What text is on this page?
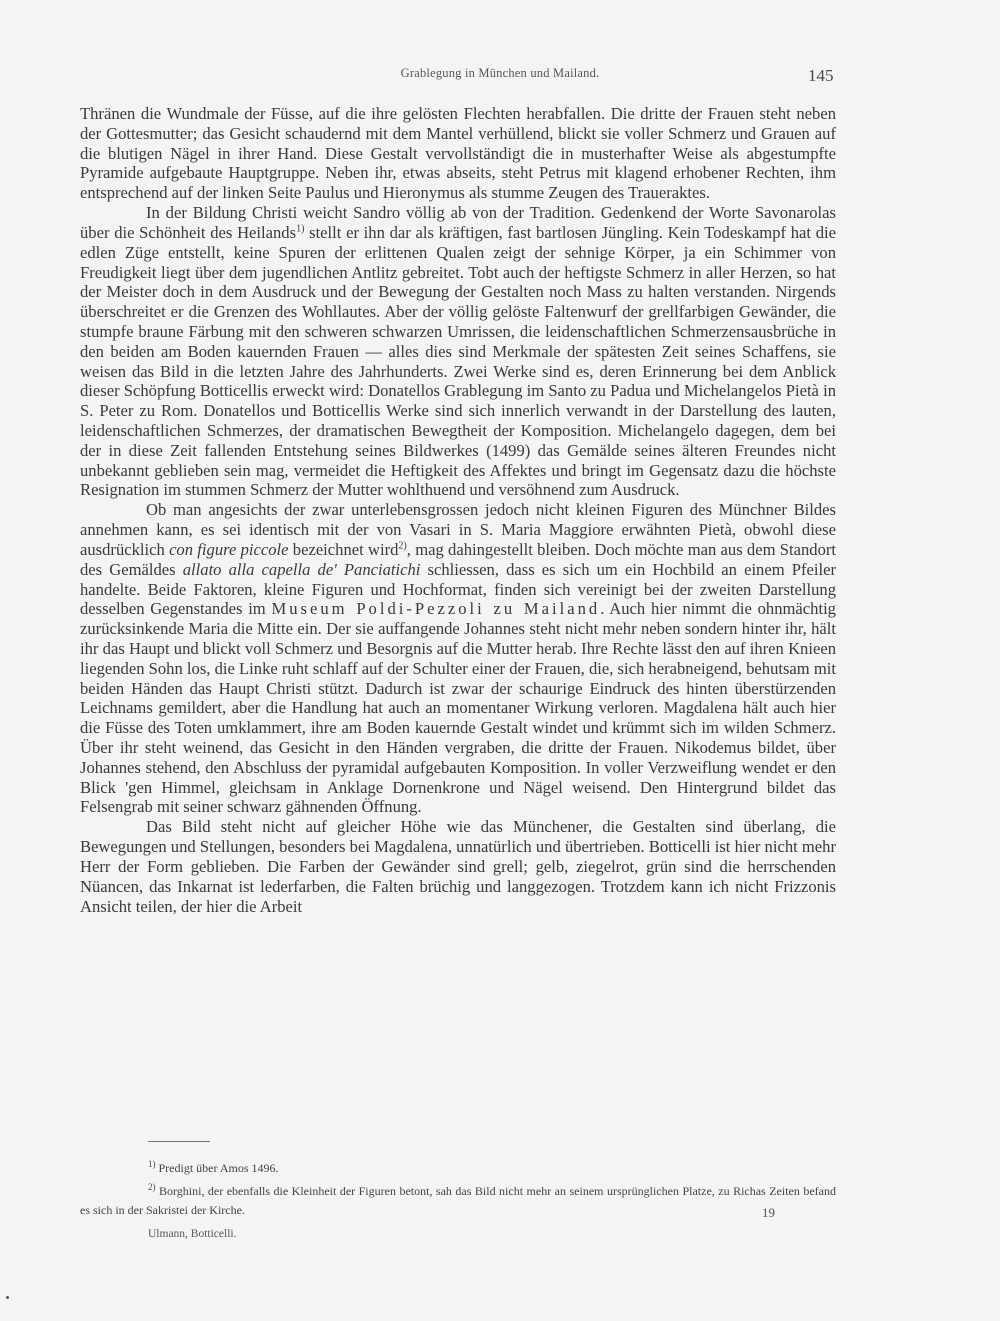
Grablegung in München und Mailand.	145

Thränen die Wundmale der Füsse, auf die ihre gelösten Flechten herabfallen. Die dritte der Frauen steht neben der Gottesmutter; das Gesicht schaudernd mit dem Mantel verhüllend, blickt sie voller Schmerz und Grauen auf die blutigen Nägel in ihrer Hand. Diese Gestalt vervollständigt die in musterhafter Weise als abgestumpfte Pyramide aufgebaute Hauptgruppe. Neben ihr, etwas abseits, steht Petrus mit klagend erhobener Rechten, ihm entsprechend auf der linken Seite Paulus und Hieronymus als stumme Zeugen des Traueraktes.

In der Bildung Christi weicht Sandro völlig ab von der Tradition. Gedenkend der Worte Savonarolas über die Schönheit des Heilands$^{1)}$ stellt er ihn dar als kräftigen, fast bartlosen Jüngling. Kein Todeskampf hat die edlen Züge entstellt, keine Spuren der erlittenen Qualen zeigt der sehnige Körper, ja ein Schimmer von Freudigkeit liegt über dem jugendlichen Antlitz gebreitet. Tobt auch der heftigste Schmerz in aller Herzen, so hat der Meister doch in dem Ausdruck und der Bewegung der Gestalten noch Mass zu halten verstanden. Nirgends überschreitet er die Grenzen des Wohllautes. Aber der völlig gelöste Faltenwurf der grellfarbigen Gewänder, die stumpfe braune Färbung mit den schweren schwarzen Umrissen, die leidenschaftlichen Schmerzensausbrüche in den beiden am Boden kauernden Frauen — alles dies sind Merkmale der spätesten Zeit seines Schaffens, sie weisen das Bild in die letzten Jahre des Jahrhunderts. Zwei Werke sind es, deren Erinnerung bei dem Anblick dieser Schöpfung Botticellis erweckt wird: Donatellos Grablegung im Santo zu Padua und Michelangelos Pietà in S. Peter zu Rom. Donatellos und Botticellis Werke sind sich innerlich verwandt in der Darstellung des lauten, leidenschaftlichen Schmerzes, der dramatischen Bewegtheit der Komposition. Michelangelo dagegen, dem bei der in diese Zeit fallenden Entstehung seines Bildwerkes (1499) das Gemälde seines älteren Freundes nicht unbekannt geblieben sein mag, vermeidet die Heftigkeit des Affektes und bringt im Gegensatz dazu die höchste Resignation im stummen Schmerz der Mutter wohlthuend und versöhnend zum Ausdruck.

Ob man angesichts der zwar unterlebensgrossen jedoch nicht kleinen Figuren des Münchner Bildes annehmen kann, es sei identisch mit der von Vasari in S. Maria Maggiore erwähnten Pietà, obwohl diese ausdrücklich con figure piccole bezeichnet wird$^{2)}$, mag dahingestellt bleiben. Doch möchte man aus dem Standort des Gemäldes allato alla capella de' Panciatichi schliessen, dass es sich um ein Hochbild an einem Pfeiler handelte. Beide Faktoren, kleine Figuren und Hochformat, finden sich vereinigt bei der zweiten Darstellung desselben Gegenstandes im Museum Poldi-Pezzoli zu Mailand. Auch hier nimmt die ohnmächtig zurücksinkende Maria die Mitte ein. Der sie auffangende Johannes steht nicht mehr neben sondern hinter ihr, hält ihr das Haupt und blickt voll Schmerz und Besorgnis auf die Mutter herab. Ihre Rechte lässt den auf ihren Knieen liegenden Sohn los, die Linke ruht schlaff auf der Schulter einer der Frauen, die, sich herabneigend, behutsam mit beiden Händen das Haupt Christi stützt. Dadurch ist zwar der schaurige Eindruck des hinten überstürzenden Leichnams gemildert, aber die Handlung hat auch an momentaner Wirkung verloren. Magdalena hält auch hier die Füsse des Toten umklammert, ihre am Boden kauernde Gestalt windet und krümmt sich im wilden Schmerz. Über ihr steht weinend, das Gesicht in den Händen vergraben, die dritte der Frauen. Nikodemus bildet, über Johannes stehend, den Abschluss der pyramidal aufgebauten Komposition. In voller Verzweiflung wendet er den Blick 'gen Himmel, gleichsam in Anklage Dornenkrone und Nägel weisend. Den Hintergrund bildet das Felsengrab mit seiner schwarz gähnenden Öffnung.

Das Bild steht nicht auf gleicher Höhe wie das Münchener, die Gestalten sind überlang, die Bewegungen und Stellungen, besonders bei Magdalena, unnatürlich und übertrieben. Botticelli ist hier nicht mehr Herr der Form geblieben. Die Farben der Gewänder sind grell; gelb, ziegelrot, grün sind die herrschenden Nüancen, das Inkarnat ist lederfarben, die Falten brüchig und langgezogen. Trotzdem kann ich nicht Frizzonis Ansicht teilen, der hier die Arbeit

$^{1)}$ Predigt über Amos 1496.

$^{2)}$ Borghini, der ebenfalls die Kleinheit der Figuren betont, sah das Bild nicht mehr an seinem ursprünglichen Platze, zu Richas Zeiten befand es sich in der Sakristei der Kirche.

Ulmann, Botticelli.
19
